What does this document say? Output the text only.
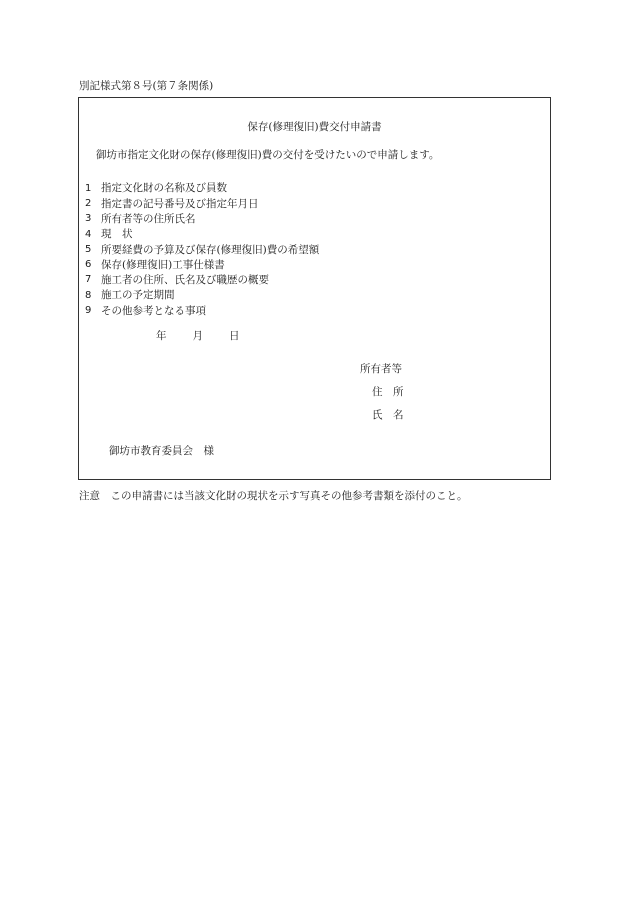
別記様式第８号(第７条関係)
保存(修理復旧)費交付申請書
御坊市指定文化財の保存(修理復旧)費の交付を受けたいので申請します。
1 指定文化財の名称及び員数
2 指定書の記号番号及び指定年月日
3 所有者等の住所氏名
4 現　状
5 所要経費の予算及び保存(修理復旧)費の希望額
6 保存(修理復旧)工事仕様書
7 施工者の住所、氏名及び職歴の概要
8 施工の予定期間
9 その他参考となる事項
年 月 日
所有者等
住　所
氏　名
御坊市教育委員会　様
注意　この申請書には当該文化財の現状を示す写真その他参考書類を添付のこと。
